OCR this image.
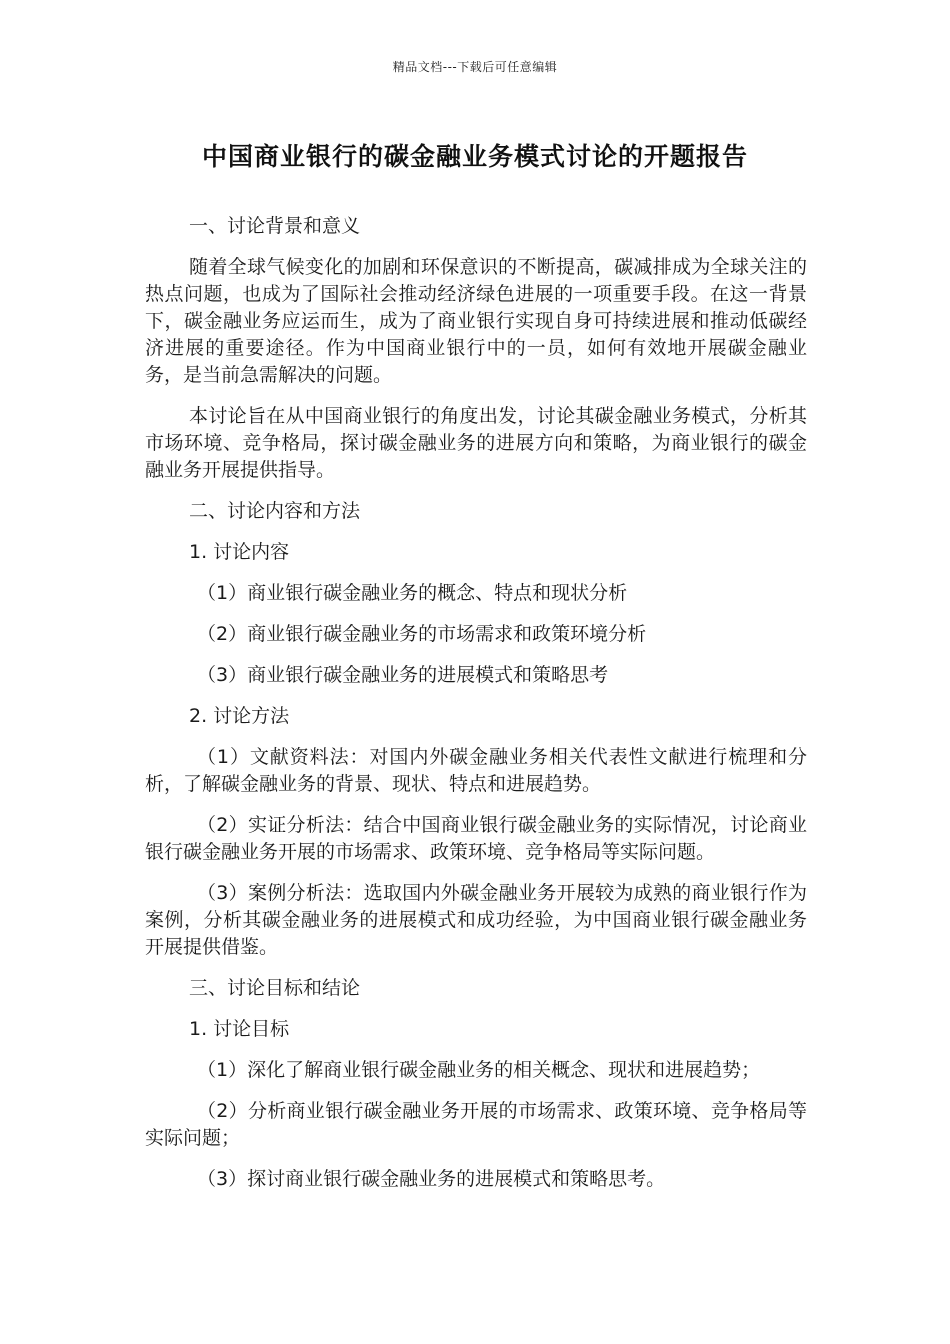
精品文档---下载后可任意编辑
中国商业银行的碳金融业务模式讨论的开题报告

一、讨论背景和意义

随着全球气候变化的加剧和环保意识的不断提高，碳减排成为全球关注的热点问题，也成为了国际社会推动经济绿色进展的一项重要手段。在这一背景下，碳金融业务应运而生，成为了商业银行实现自身可持续进展和推动低碳经济进展的重要途径。作为中国商业银行中的一员，如何有效地开展碳金融业务，是当前急需解决的问题。

本讨论旨在从中国商业银行的角度出发，讨论其碳金融业务模式，分析其市场环境、竞争格局，探讨碳金融业务的进展方向和策略，为商业银行的碳金融业务开展提供指导。

二、讨论内容和方法

1. 讨论内容

（1）商业银行碳金融业务的概念、特点和现状分析

（2）商业银行碳金融业务的市场需求和政策环境分析

（3）商业银行碳金融业务的进展模式和策略思考

2. 讨论方法

（1）文献资料法：对国内外碳金融业务相关代表性文献进行梳理和分析，了解碳金融业务的背景、现状、特点和进展趋势。

（2）实证分析法：结合中国商业银行碳金融业务的实际情况，讨论商业银行碳金融业务开展的市场需求、政策环境、竞争格局等实际问题。

（3）案例分析法：选取国内外碳金融业务开展较为成熟的商业银行作为案例，分析其碳金融业务的进展模式和成功经验，为中国商业银行碳金融业务开展提供借鉴。

三、讨论目标和结论

1. 讨论目标

（1）深化了解商业银行碳金融业务的相关概念、现状和进展趋势；

（2）分析商业银行碳金融业务开展的市场需求、政策环境、竞争格局等实际问题；

（3）探讨商业银行碳金融业务的进展模式和策略思考。
